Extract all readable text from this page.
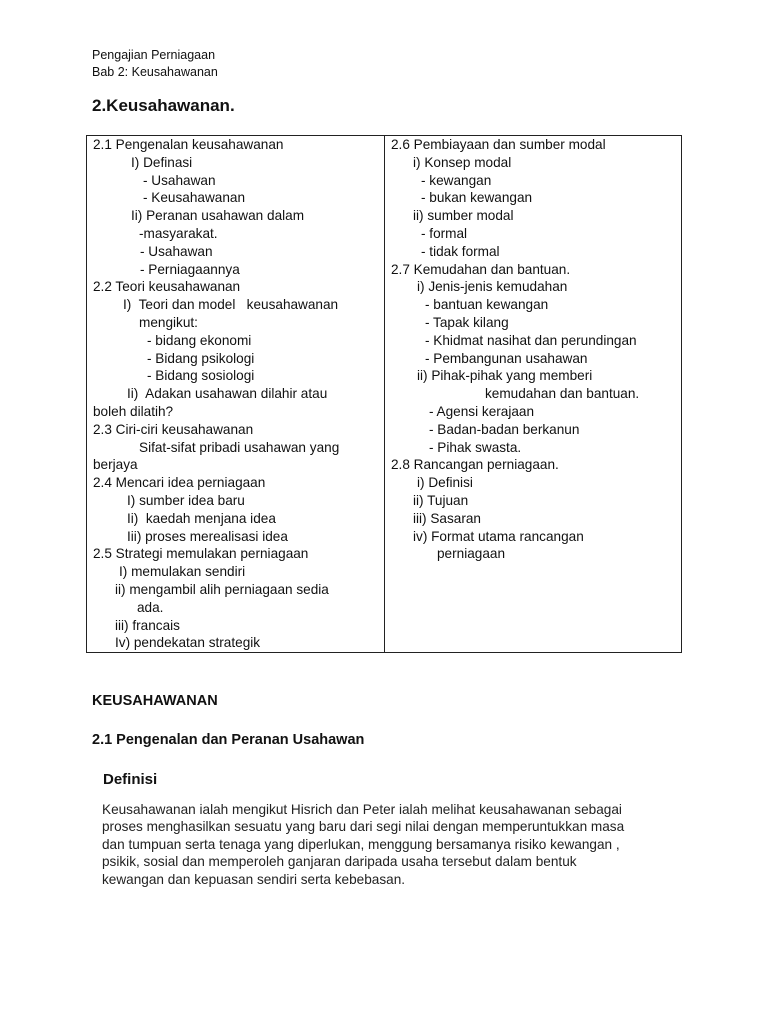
Pengajian Perniagaan
Bab 2: Keusahawanan
2.Keusahawanan.
2.1 Pengenalan keusahawanan
I) Definasi
- Usahawan
- Keusahawanan
Ii) Peranan usahawan dalam
-masyarakat.
- Usahawan
- Perniagaannya
2.2 Teori keusahawanan
I)  Teori dan model   keusahawanan
mengikut:
- bidang ekonomi
- Bidang psikologi
- Bidang sosiologi
Ii)  Adakan usahawan dilahir atau
boleh dilatih?
2.3 Ciri-ciri keusahawanan
Sifat-sifat pribadi usahawan yang
berjaya
2.4 Mencari idea perniagaan
I) sumber idea baru
Ii)  kaedah menjana idea
Iii) proses merealisasi idea
2.5 Strategi memulakan perniagaan
I) memulakan sendiri
ii) mengambil alih perniagaan sedia
ada.
iii) francais
Iv) pendekatan strategik

2.6 Pembiayaan dan sumber modal
i) Konsep modal
- kewangan
- bukan kewangan
ii) sumber modal
- formal
- tidak formal
2.7 Kemudahan dan bantuan.
i) Jenis-jenis kemudahan
- bantuan kewangan
- Tapak kilang
- Khidmat nasihat dan perundingan
- Pembangunan usahawan
ii) Pihak-pihak yang memberi
kemudahan dan bantuan.
- Agensi kerajaan
- Badan-badan berkanun
- Pihak swasta.
2.8 Rancangan perniagaan.
i) Definisi
ii) Tujuan
iii) Sasaran
iv) Format utama rancangan
perniagaan
KEUSAHAWANAN
2.1 Pengenalan dan Peranan Usahawan
Definisi
Keusahawanan ialah mengikut Hisrich dan Peter ialah melihat keusahawanan sebagai
proses menghasilkan sesuatu yang baru dari segi nilai dengan memperuntukkan masa
dan tumpuan serta tenaga yang diperlukan, menggung bersamanya risiko kewangan ,
psikik, sosial dan memperoleh ganjaran daripada usaha tersebut dalam bentuk
kewangan dan kepuasan sendiri serta kebebasan.
